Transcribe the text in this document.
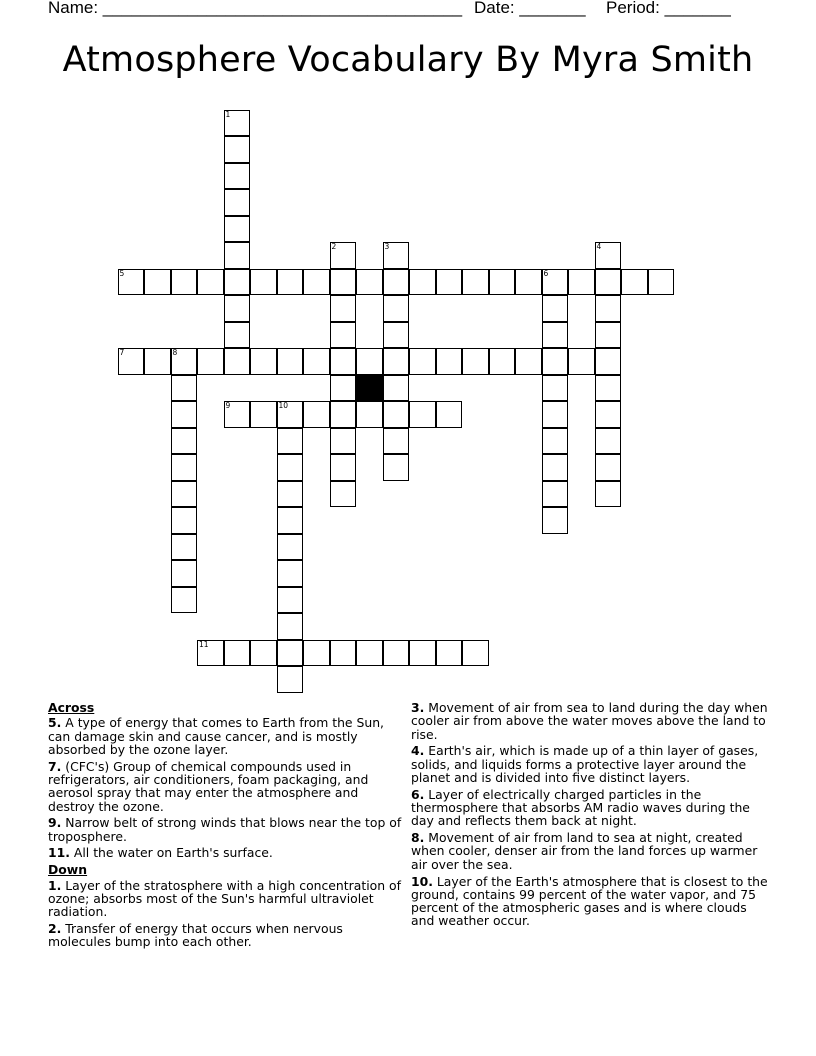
Name: ______________________________________ Date: _______ Period: _______
Atmosphere Vocabulary By Myra Smith
1
2	3	4
5	6
7	8
9	10
11
Across
5. A type of energy that comes to Earth from the Sun, can damage skin and cause cancer, and is mostly absorbed by the ozone layer.
7. (CFC's) Group of chemical compounds used in refrigerators, air conditioners, foam packaging, and aerosol spray that may enter the atmosphere and destroy the ozone.
9. Narrow belt of strong winds that blows near the top of troposphere.
11. All the water on Earth's surface.
Down
1. Layer of the stratosphere with a high concentration of ozone; absorbs most of the Sun's harmful ultraviolet radiation.
2. Transfer of energy that occurs when nervous molecules bump into each other.
3. Movement of air from sea to land during the day when cooler air from above the water moves above the land to rise.
4. Earth's air, which is made up of a thin layer of gases, solids, and liquids forms a protective layer around the planet and is divided into five distinct layers.
6. Layer of electrically charged particles in the thermosphere that absorbs AM radio waves during the day and reflects them back at night.
8. Movement of air from land to sea at night, created when cooler, denser air from the land forces up warmer air over the sea.
10. Layer of the Earth's atmosphere that is closest to the ground, contains 99 percent of the water vapor, and 75 percent of the atmospheric gases and is where clouds and weather occur.
